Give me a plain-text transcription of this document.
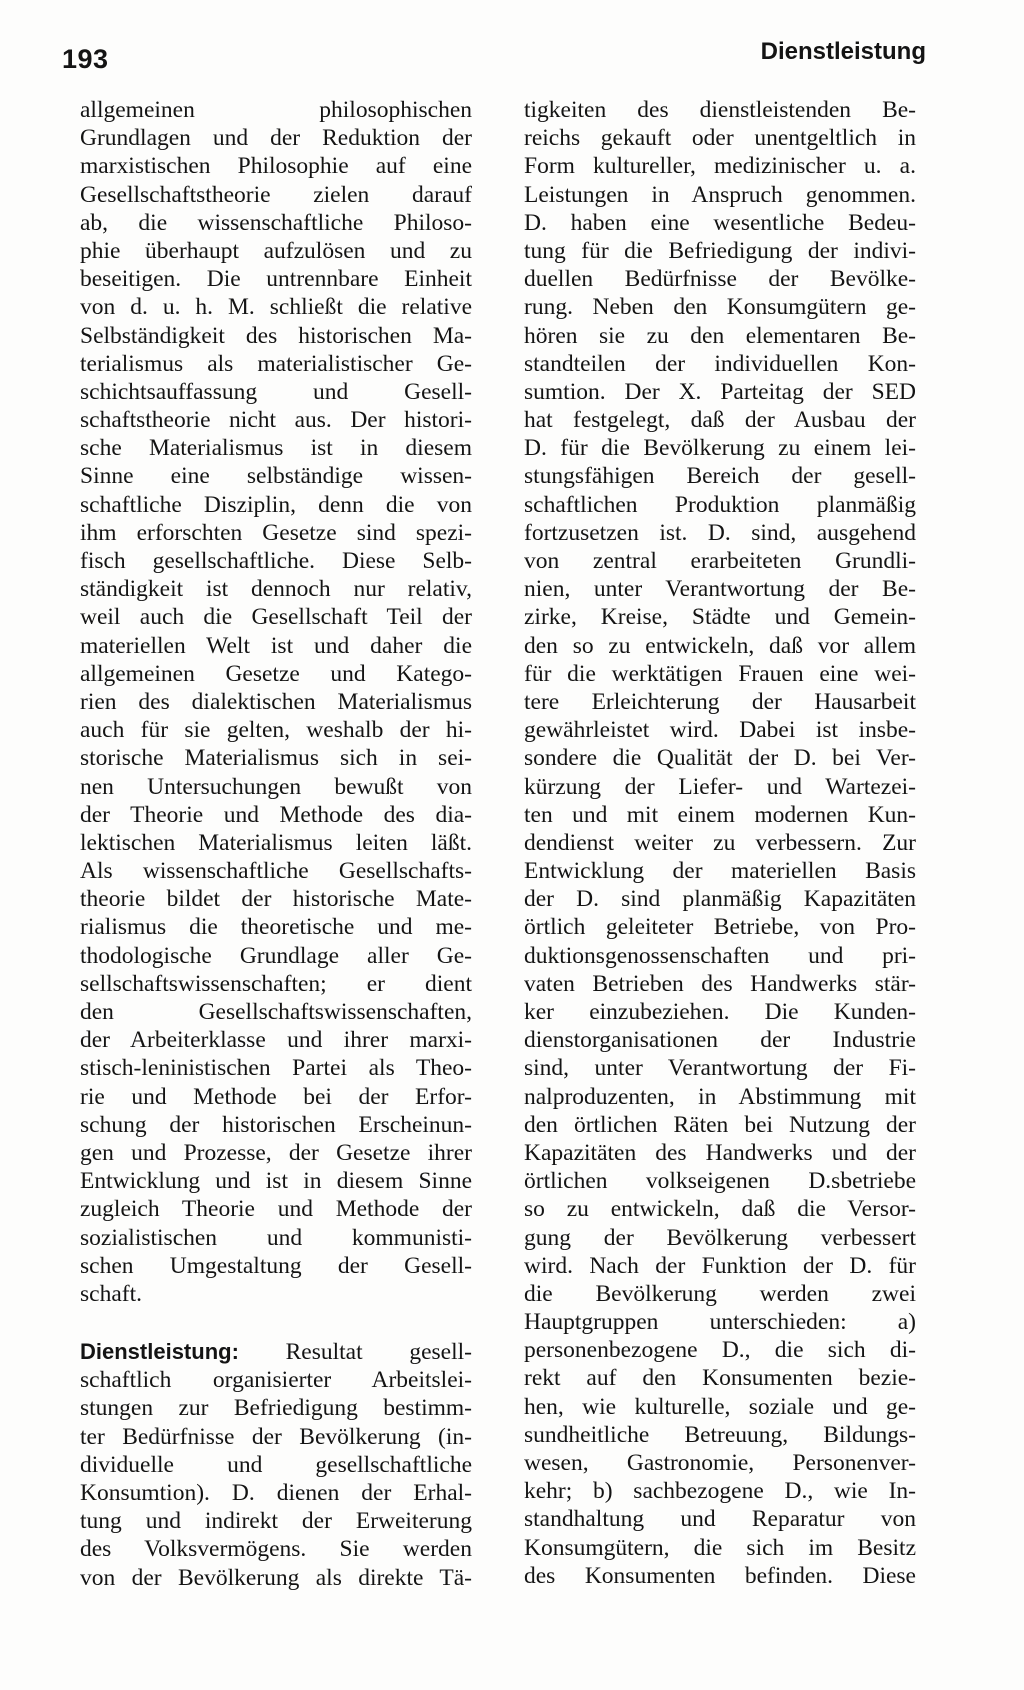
193	Dienstleistung
allgemeinen philosophischen
Grundlagen und der Reduktion der
marxistischen Philosophie auf eine
Gesellschaftstheorie zielen darauf
ab, die wissenschaftliche Philoso-
phie überhaupt aufzulösen und zu
beseitigen. Die untrennbare Einheit
von d. u. h. M. schließt die relative
Selbständigkeit des historischen Ma-
terialismus als materialistischer Ge-
schichtsauffassung und Gesell-
schaftstheorie nicht aus. Der histori-
sche Materialismus ist in diesem
Sinne eine selbständige wissen-
schaftliche Disziplin, denn die von
ihm erforschten Gesetze sind spezi-
fisch gesellschaftliche. Diese Selb-
ständigkeit ist dennoch nur relativ,
weil auch die Gesellschaft Teil der
materiellen Welt ist und daher die
allgemeinen Gesetze und Katego-
rien des dialektischen Materialismus
auch für sie gelten, weshalb der hi-
storische Materialismus sich in sei-
nen Untersuchungen bewußt von
der Theorie und Methode des dia-
lektischen Materialismus leiten läßt.
Als wissenschaftliche Gesellschafts-
theorie bildet der historische Mate-
rialismus die theoretische und me-
thodologische Grundlage aller Ge-
sellschaftswissenschaften; er dient
den Gesellschaftswissenschaften,
der Arbeiterklasse und ihrer marxi-
stisch-leninistischen Partei als Theo-
rie und Methode bei der Erfor-
schung der historischen Erscheinun-
gen und Prozesse, der Gesetze ihrer
Entwicklung und ist in diesem Sinne
zugleich Theorie und Methode der
sozialistischen und kommunisti-
schen Umgestaltung der Gesell-
schaft.
Dienstleistung: Resultat gesell-
schaftlich organisierter Arbeitslei-
stungen zur Befriedigung bestimm-
ter Bedürfnisse der Bevölkerung (in-
dividuelle und gesellschaftliche
Konsumtion). D. dienen der Erhal-
tung und indirekt der Erweiterung
des Volksvermögens. Sie werden
von der Bevölkerung als direkte Tä-
tigkeiten des dienstleistenden Be-
reichs gekauft oder unentgeltlich in
Form kultureller, medizinischer u. a.
Leistungen in Anspruch genommen.
D. haben eine wesentliche Bedeu-
tung für die Befriedigung der indivi-
duellen Bedürfnisse der Bevölke-
rung. Neben den Konsumgütern ge-
hören sie zu den elementaren Be-
standteilen der individuellen Kon-
sumtion. Der X. Parteitag der SED
hat festgelegt, daß der Ausbau der
D. für die Bevölkerung zu einem lei-
stungsfähigen Bereich der gesell-
schaftlichen Produktion planmäßig
fortzusetzen ist. D. sind, ausgehend
von zentral erarbeiteten Grundli-
nien, unter Verantwortung der Be-
zirke, Kreise, Städte und Gemein-
den so zu entwickeln, daß vor allem
für die werktätigen Frauen eine wei-
tere Erleichterung der Hausarbeit
gewährleistet wird. Dabei ist insbe-
sondere die Qualität der D. bei Ver-
kürzung der Liefer- und Wartezei-
ten und mit einem modernen Kun-
dendienst weiter zu verbessern. Zur
Entwicklung der materiellen Basis
der D. sind planmäßig Kapazitäten
örtlich geleiteter Betriebe, von Pro-
duktionsgenossenschaften und pri-
vaten Betrieben des Handwerks stär-
ker einzubeziehen. Die Kunden-
dienstorganisationen der Industrie
sind, unter Verantwortung der Fi-
nalproduzenten, in Abstimmung mit
den örtlichen Räten bei Nutzung der
Kapazitäten des Handwerks und der
örtlichen volkseigenen D.sbetriebe
so zu entwickeln, daß die Versor-
gung der Bevölkerung verbessert
wird. Nach der Funktion der D. für
die Bevölkerung werden zwei
Hauptgruppen unterschieden: a)
personenbezogene D., die sich di-
rekt auf den Konsumenten bezie-
hen, wie kulturelle, soziale und ge-
sundheitliche Betreuung, Bildungs-
wesen, Gastronomie, Personenver-
kehr; b) sachbezogene D., wie In-
standhaltung und Reparatur von
Konsumgütern, die sich im Besitz
des Konsumenten befinden. Diese
